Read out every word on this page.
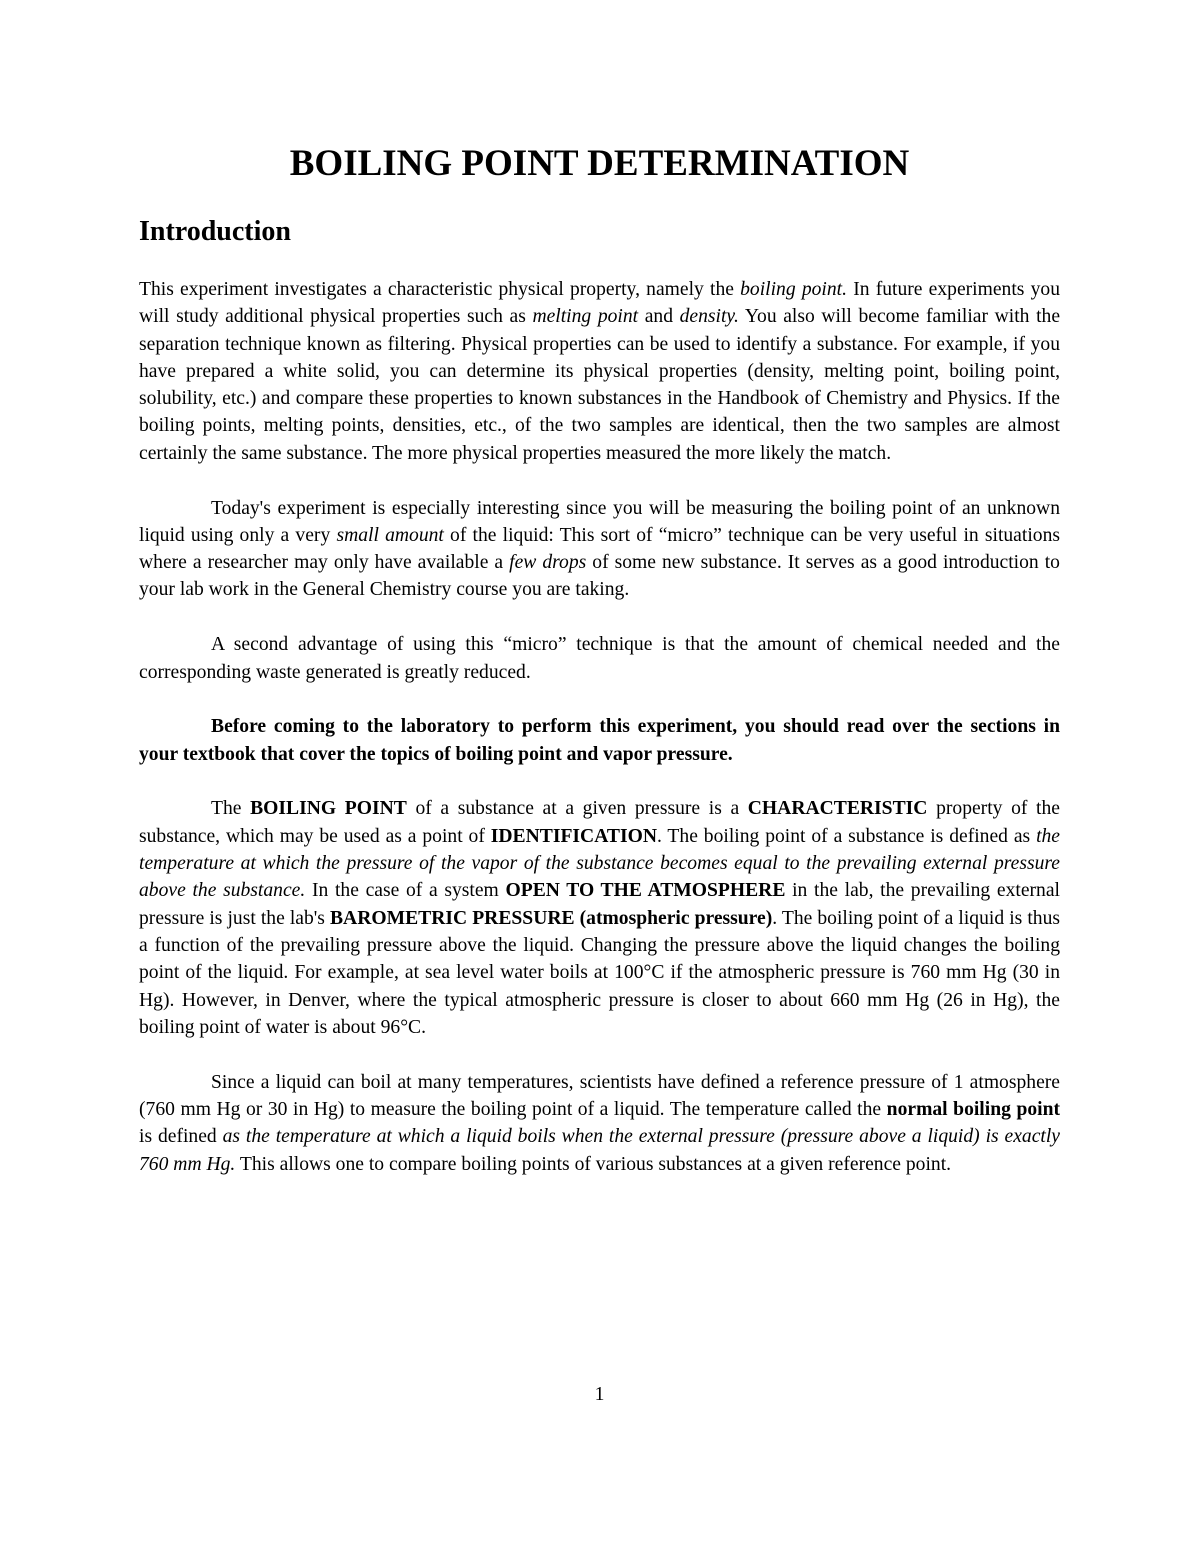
BOILING POINT DETERMINATION
Introduction

This experiment investigates a characteristic physical property, namely the boiling point. In future experiments you will study additional physical properties such as melting point and density. You also will become familiar with the separation technique known as filtering. Physical properties can be used to identify a substance. For example, if you have prepared a white solid, you can determine its physical properties (density, melting point, boiling point, solubility, etc.) and compare these properties to known substances in the Handbook of Chemistry and Physics. If the boiling points, melting points, densities, etc., of the two samples are identical, then the two samples are almost certainly the same substance. The more physical properties measured the more likely the match.

Today's experiment is especially interesting since you will be measuring the boiling point of an unknown liquid using only a very small amount of the liquid: This sort of “micro” technique can be very useful in situations where a researcher may only have available a few drops of some new substance. It serves as a good introduction to your lab work in the General Chemistry course you are taking.

A second advantage of using this “micro” technique is that the amount of chemical needed and the corresponding waste generated is greatly reduced.

Before coming to the laboratory to perform this experiment, you should read over the sections in your textbook that cover the topics of boiling point and vapor pressure.

The BOILING POINT of a substance at a given pressure is a CHARACTERISTIC property of the substance, which may be used as a point of IDENTIFICATION. The boiling point of a substance is defined as the temperature at which the pressure of the vapor of the substance becomes equal to the prevailing external pressure above the substance. In the case of a system OPEN TO THE ATMOSPHERE in the lab, the prevailing external pressure is just the lab's BAROMETRIC PRESSURE (atmospheric pressure). The boiling point of a liquid is thus a function of the prevailing pressure above the liquid. Changing the pressure above the liquid changes the boiling point of the liquid. For example, at sea level water boils at 100°C if the atmospheric pressure is 760 mm Hg (30 in Hg). However, in Denver, where the typical atmospheric pressure is closer to about 660 mm Hg (26 in Hg), the boiling point of water is about 96°C.

Since a liquid can boil at many temperatures, scientists have defined a reference pressure of 1 atmosphere (760 mm Hg or 30 in Hg) to measure the boiling point of a liquid. The temperature called the normal boiling point is defined as the temperature at which a liquid boils when the external pressure (pressure above a liquid) is exactly 760 mm Hg. This allows one to compare boiling points of various substances at a given reference point.

1
